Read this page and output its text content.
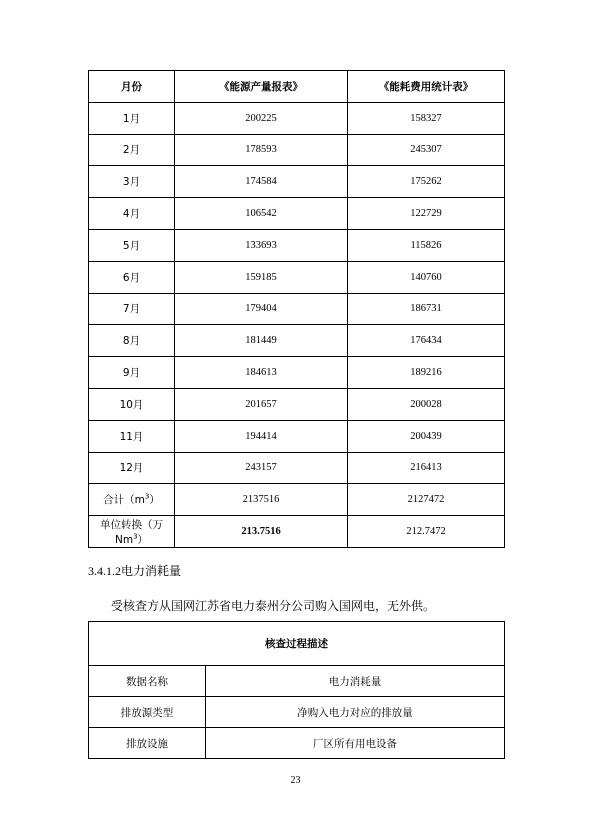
月份	《能源产量报表》	《能耗费用统计表》
1月	200225	158327
2月	178593	245307
3月	174584	175262
4月	106542	122729
5月	133693	115826
6月	159185	140760
7月	179404	186731
8月	181449	176434
9月	184613	189216
10月	201657	200028
11月	194414	200439
12月	243157	216413
合计$(m^3)$	2137516	2127472
单位转换（万 Nm$^3$）	213.7516	212.7472
3.4.1.2电力消耗量
受核查方从国网江苏省电力泰州分公司购入国网电，无外供。
核查过程描述	
数据名称	电力消耗量
排放源类型	净购入电力对应的排放量
排放设施	厂区所有用电设备
23
